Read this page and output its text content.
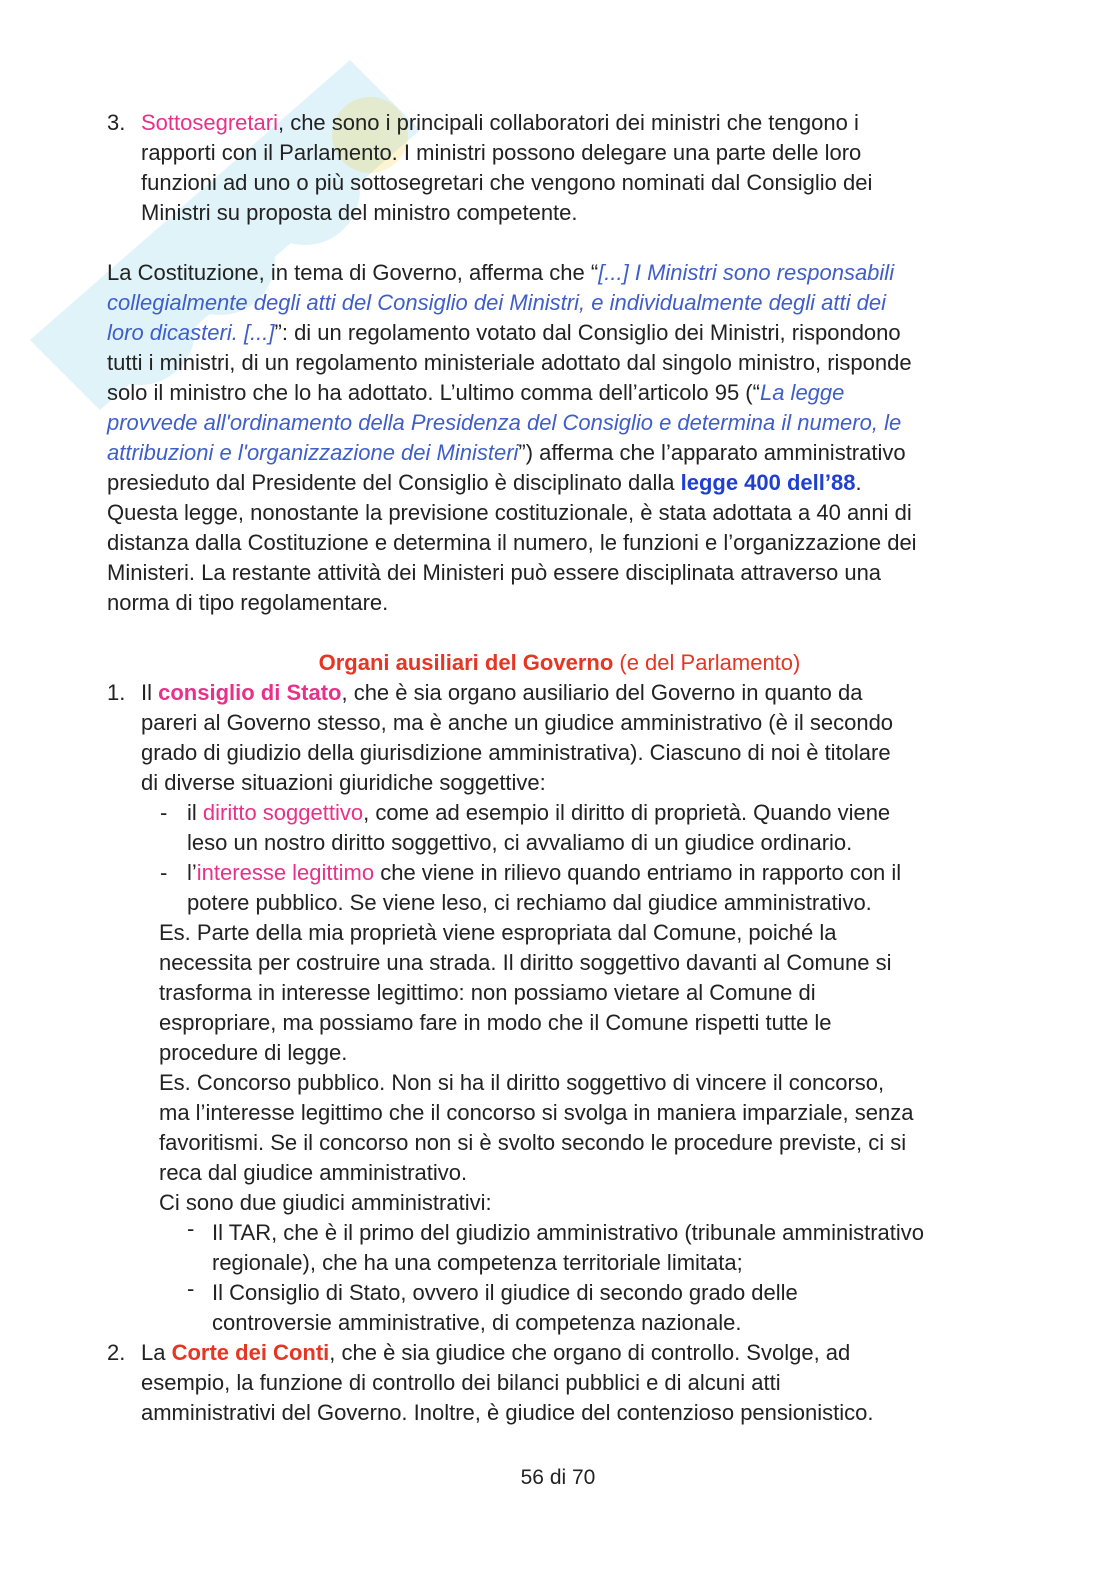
3. Sottosegretari, che sono i principali collaboratori dei ministri che tengono i

rapporti con il Parlamento. I ministri possono delegare una parte delle loro

funzioni ad uno o più sottosegretari che vengono nominati dal Consiglio dei

Ministri su proposta del ministro competente.

La Costituzione, in tema di Governo, afferma che “[...] I Ministri sono responsabili

collegialmente degli atti del Consiglio dei Ministri, e individualmente degli atti dei

loro dicasteri. [...]”: di un regolamento votato dal Consiglio dei Ministri, rispondono

tutti i ministri, di un regolamento ministeriale adottato dal singolo ministro, risponde

solo il ministro che lo ha adottato. L’ultimo comma dell’articolo 95 (“La legge

provvede all'ordinamento della Presidenza del Consiglio e determina il numero, le

attribuzioni e l'organizzazione dei Ministeri”) afferma che l’apparato amministrativo

presieduto dal Presidente del Consiglio è disciplinato dalla legge 400 dell’88.

Questa legge, nonostante la previsione costituzionale, è stata adottata a 40 anni di

distanza dalla Costituzione e determina il numero, le funzioni e l’organizzazione dei

Ministeri. La restante attività dei Ministeri può essere disciplinata attraverso una

norma di tipo regolamentare.

Organi ausiliari del Governo (e del Parlamento)

1. Il consiglio di Stato, che è sia organo ausiliario del Governo in quanto da

pareri al Governo stesso, ma è anche un giudice amministrativo (è il secondo

grado di giudizio della giurisdizione amministrativa). Ciascuno di noi è titolare

di diverse situazioni giuridiche soggettive:

- il diritto soggettivo, come ad esempio il diritto di proprietà. Quando viene

leso un nostro diritto soggettivo, ci avvaliamo di un giudice ordinario.

- l’interesse legittimo che viene in rilievo quando entriamo in rapporto con il

potere pubblico. Se viene leso, ci rechiamo dal giudice amministrativo.

Es. Parte della mia proprietà viene espropriata dal Comune, poiché la

necessita per costruire una strada. Il diritto soggettivo davanti al Comune si

trasforma in interesse legittimo: non possiamo vietare al Comune di

espropriare, ma possiamo fare in modo che il Comune rispetti tutte le

procedure di legge.

Es. Concorso pubblico. Non si ha il diritto soggettivo di vincere il concorso,

ma l’interesse legittimo che il concorso si svolga in maniera imparziale, senza

favoritismi. Se il concorso non si è svolto secondo le procedure previste, ci si

reca dal giudice amministrativo.

Ci sono due giudici amministrativi:

- Il TAR, che è il primo del giudizio amministrativo (tribunale amministrativo

regionale), che ha una competenza territoriale limitata;

- Il Consiglio di Stato, ovvero il giudice di secondo grado delle

controversie amministrative, di competenza nazionale.

2. La Corte dei Conti, che è sia giudice che organo di controllo. Svolge, ad

esempio, la funzione di controllo dei bilanci pubblici e di alcuni atti

amministrativi del Governo. Inoltre, è giudice del contenzioso pensionistico.

56 di 70
